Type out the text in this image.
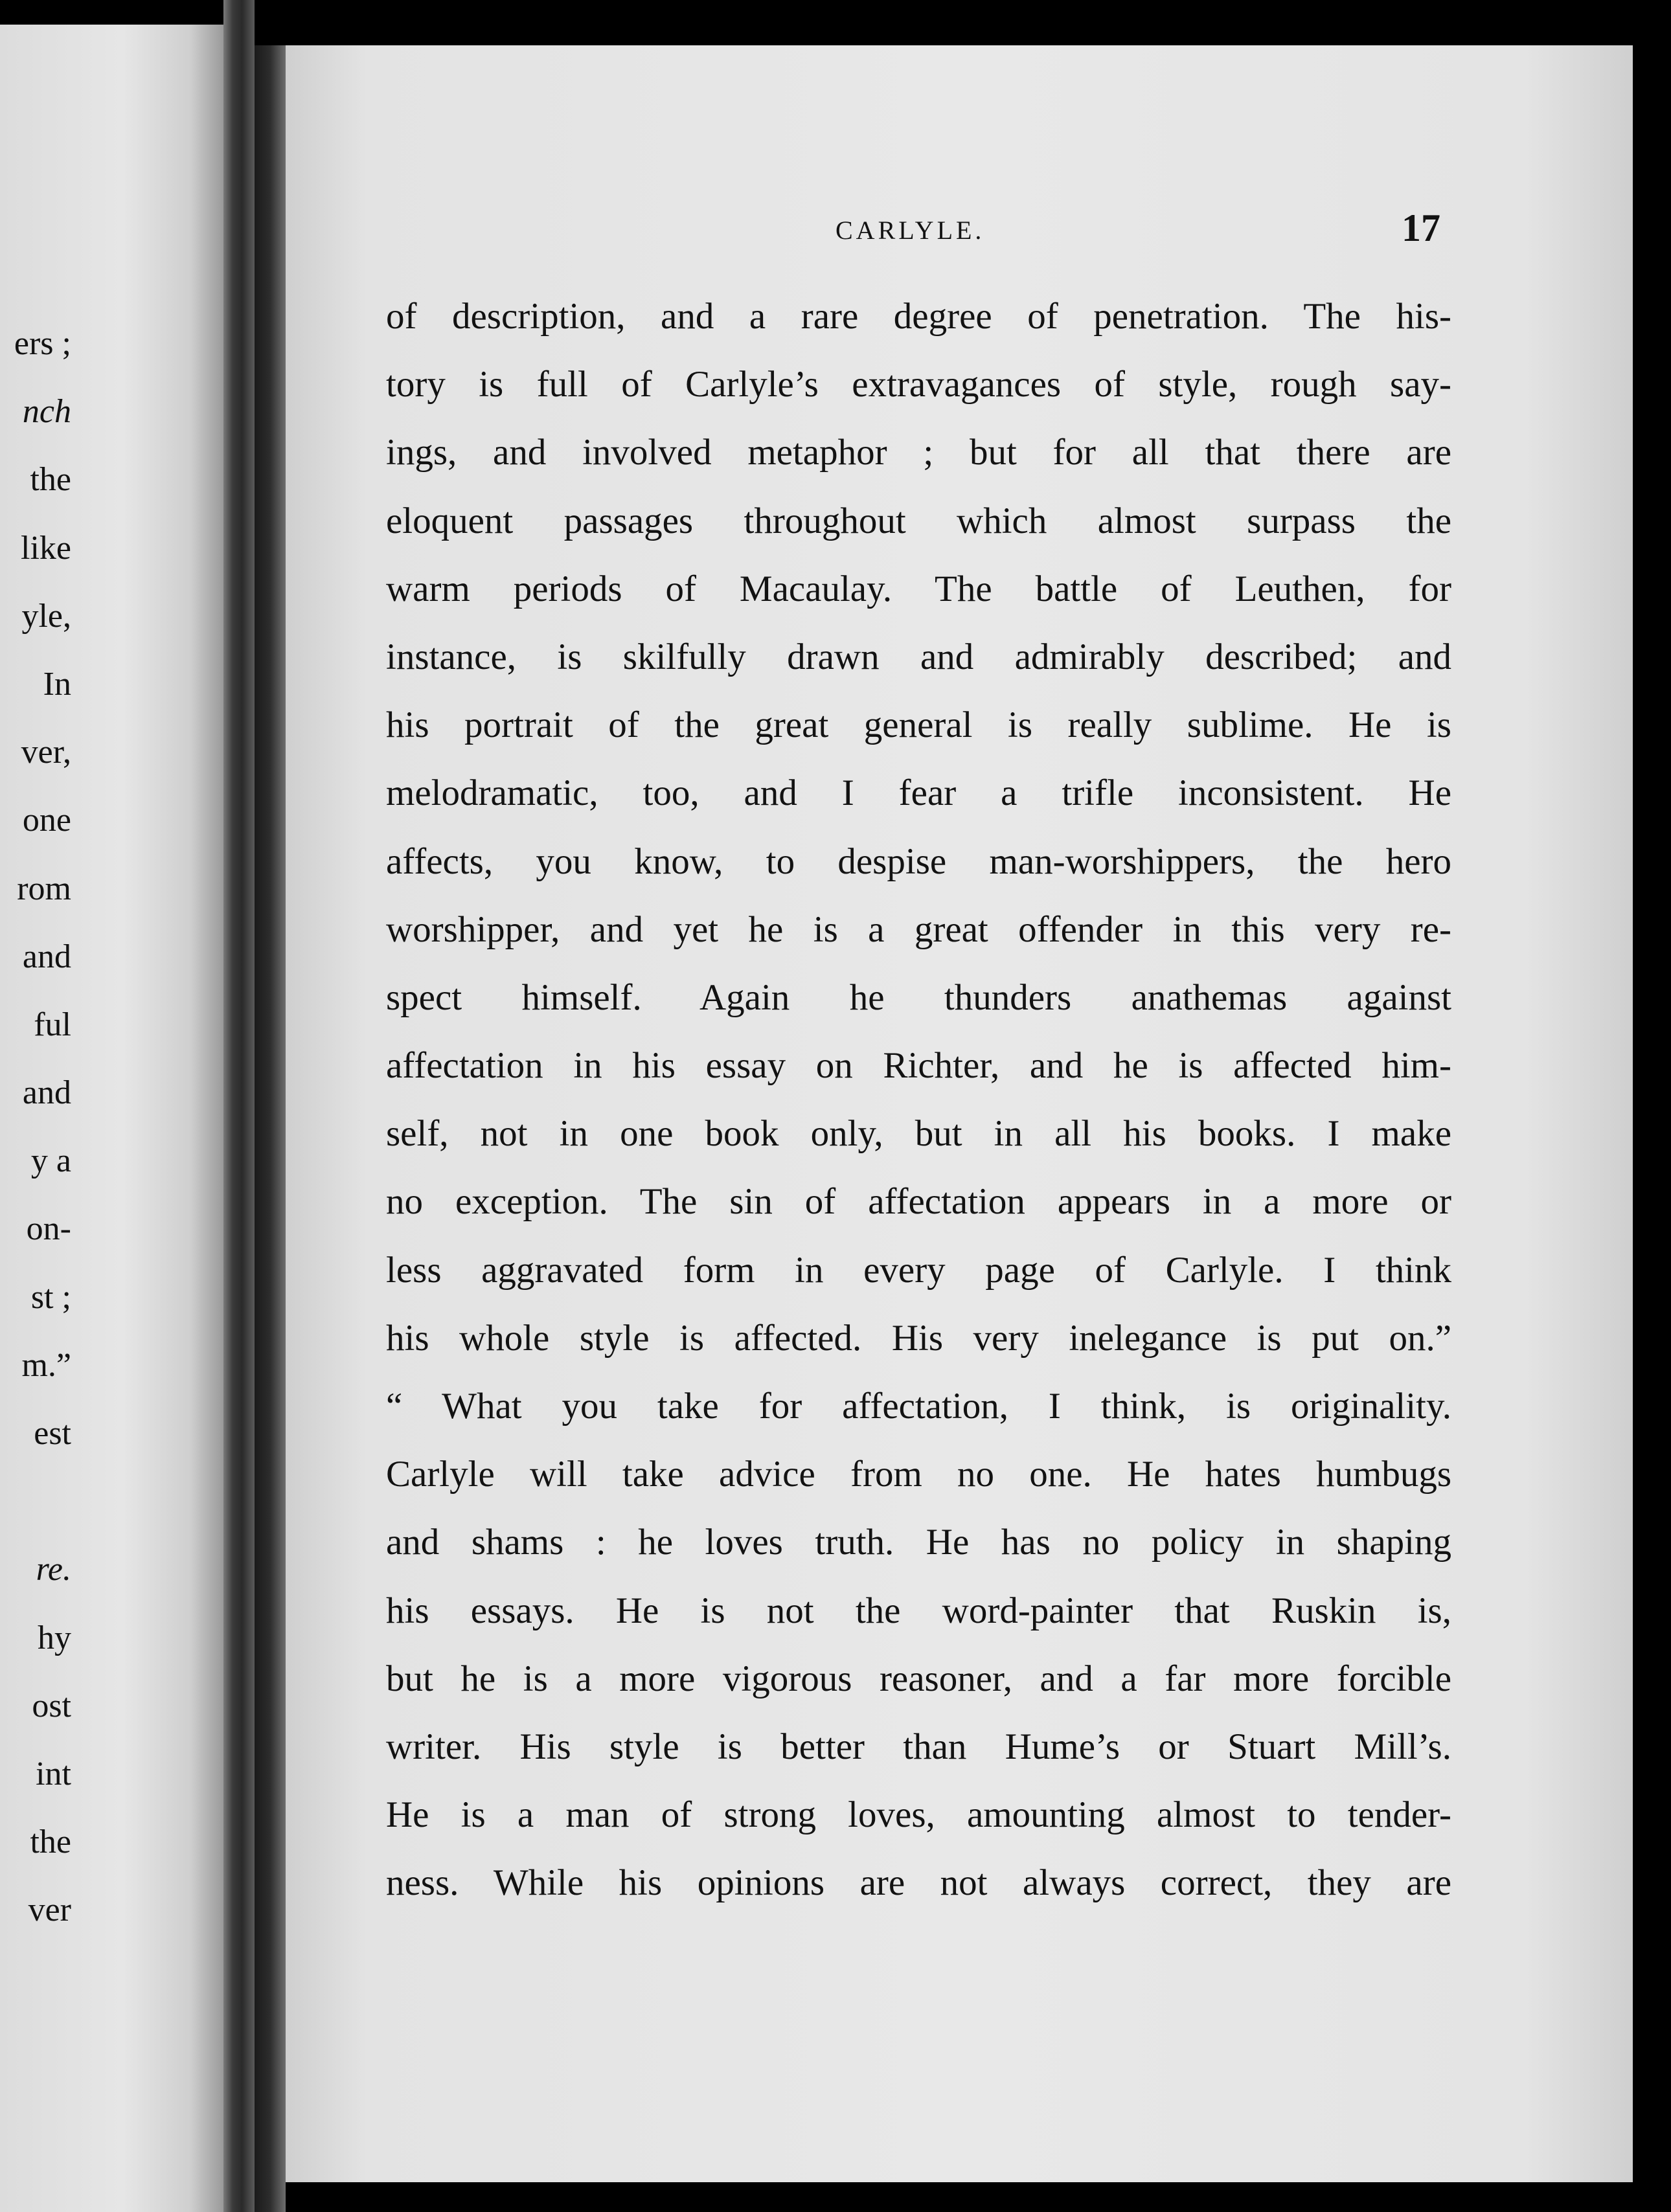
ers ;
nch
the
like
yle,
In
ver,
one
rom
and
ful
and
y a
on-
st ;
m.”
est
re.
hy
ost
int
the
ver
CARLYLE.	17
of description, and a rare degree of penetration. The his-
tory is full of Carlyle’s extravagances of style, rough say-
ings, and involved metaphor ; but for all that there are
eloquent passages throughout which almost surpass the
warm periods of Macaulay. The battle of Leuthen, for
instance, is skilfully drawn and admirably described; and
his portrait of the great general is really sublime. He is
melodramatic, too, and I fear a trifle inconsistent. He
affects, you know, to despise man-worshippers, the hero
worshipper, and yet he is a great offender in this very re-
spect himself. Again he thunders anathemas against
affectation in his essay on Richter, and he is affected him-
self, not in one book only, but in all his books. I make
no exception. The sin of affectation appears in a more or
less aggravated form in every page of Carlyle. I think
his whole style is affected. His very inelegance is put on.”
“ What you take for affectation, I think, is originality.
Carlyle will take advice from no one. He hates humbugs
and shams : he loves truth. He has no policy in shaping
his essays. He is not the word-painter that Ruskin is,
but he is a more vigorous reasoner, and a far more forcible
writer. His style is better than Hume’s or Stuart Mill’s.
He is a man of strong loves, amounting almost to tender-
ness. While his opinions are not always correct, they are
